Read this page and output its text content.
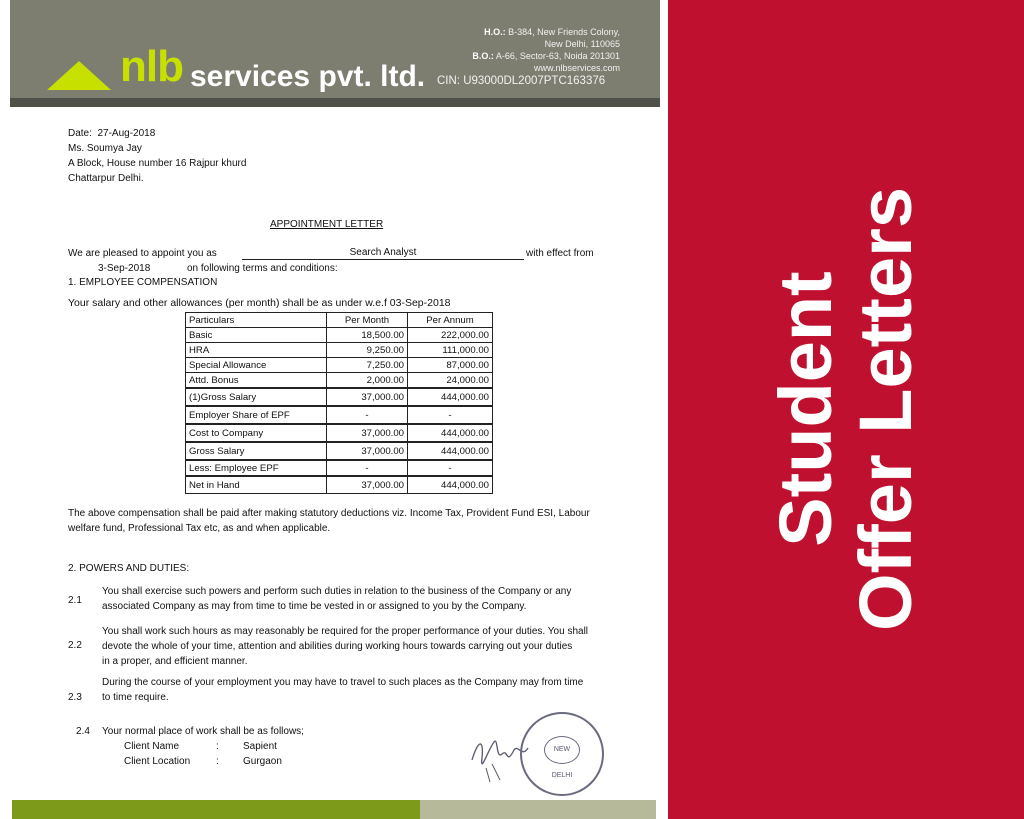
nlb services pvt. ltd.
H.O.: B-384, New Friends Colony,
New Delhi, 110065
B.O.: A-66, Sector-63, Noida 201301
www.nlbservices.com
CIN: U93000DL2007PTC163376
Date: 27-Aug-2018
Ms. Soumya Jay
A Block, House number 16 Rajpur khurd
Chattarpur Delhi.
APPOINTMENT LETTER
We are pleased to appoint you as	Search Analyst	with effect from
3-Sep-2018	on following terms and conditions:
1. EMPLOYEE COMPENSATION
Your salary and other allowances (per month) shall be as under w.e.f 03-Sep-2018
Particulars	Per Month	Per Annum
Basic	18,500.00	222,000.00
HRA	9,250.00	111,000.00
Special Allowance	7,250.00	87,000.00
Attd. Bonus	2,000.00	24,000.00
(1)Gross Salary	37,000.00	444,000.00
Employer Share of EPF	-	-
Cost to Company	37,000.00	444,000.00
Gross Salary	37,000.00	444,000.00
Less: Employee EPF	-	-
Net in Hand	37,000.00	444,000.00
The above compensation shall be paid after making statutory deductions viz. Income Tax, Provident Fund ESI, Labour
welfare fund, Professional Tax etc, as and when applicable.
2. POWERS AND DUTIES:
2.1
You shall exercise such powers and perform such duties in relation to the business of the Company or any
associated Company as may from time to time be vested in or assigned to you by the Company.
2.2
You shall work such hours as may reasonably be required for the proper performance of your duties. You shall
devote the whole of your time, attention and abilities during working hours towards carrying out your duties
in a proper, and efficient manner.
2.3
During the course of your employment you may have to travel to such places as the Company may from time
to time require.
2.4 Your normal place of work shall be as follows;
Client Name	: Sapient
Client Location	: Gurgaon
NEW DELHI
Student
Offer Letters
